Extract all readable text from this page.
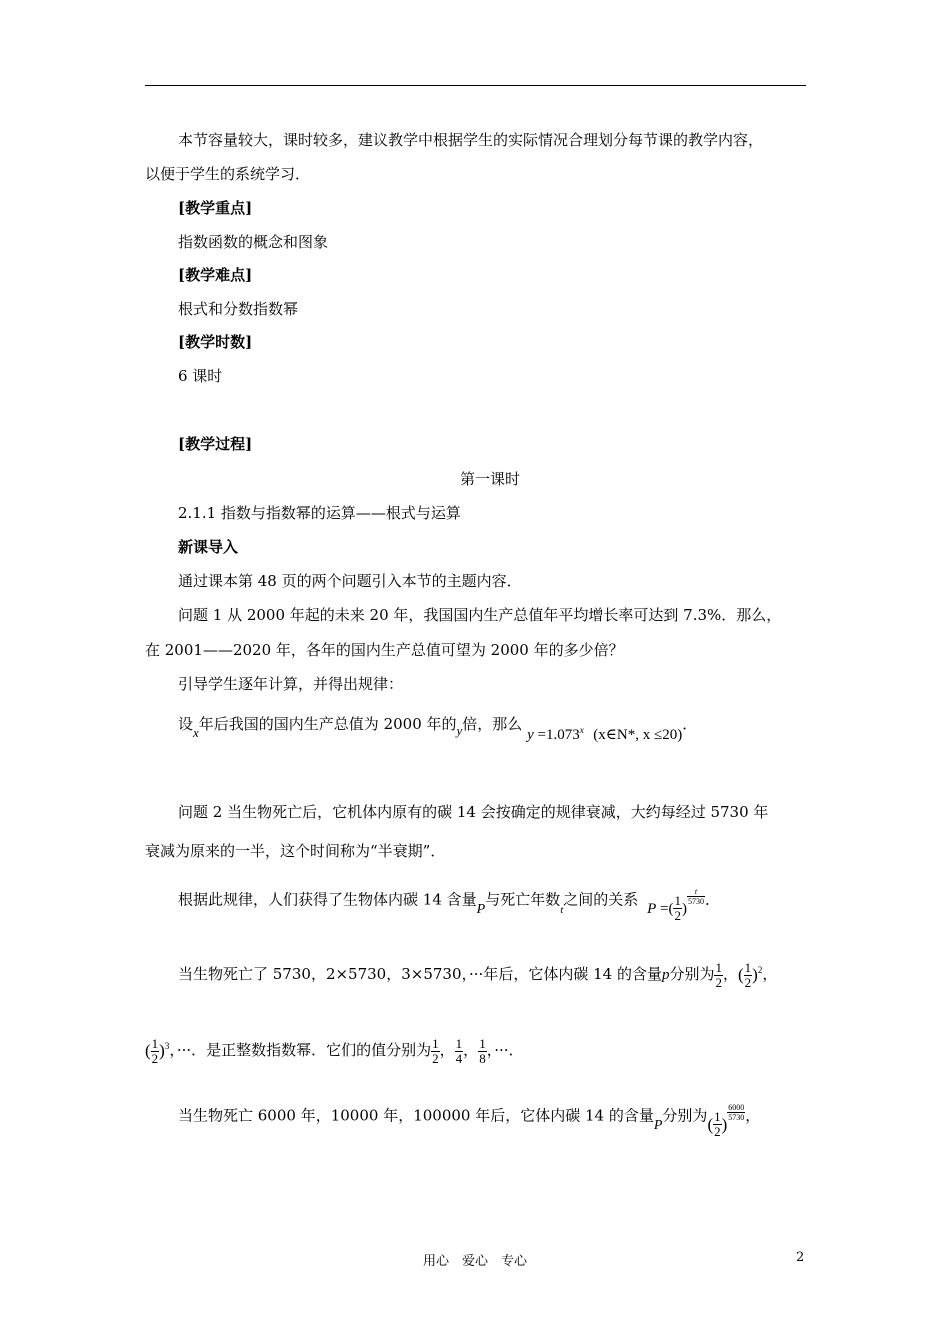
本节容量较大，课时较多，建议教学中根据学生的实际情况合理划分每节课的教学内容，
以便于学生的系统学习．
[教学重点]
指数函数的概念和图象
[教学难点]
根式和分数指数幂
[教学时数]
6 课时
[教学过程]
第一课时
2.1.1 指数与指数幂的运算——根式与运算
新课导入
通过课本第 48 页的两个问题引入本节的主题内容．
问题 1 从 2000 年起的未来 20 年，我国国内生产总值年平均增长率可达到 7.3%．那么，
在 2001——2020 年，各年的国内生产总值可望为 2000 年的多少倍？
引导学生逐年计算，并得出规律：
设x年后我国的国内生产总值为 2000 年的y倍，那么 $y =1.073^x$ (x∈N*, x ≤20)．
问题 2 当生物死亡后，它机体内原有的碳 14 会按确定的规律衰减，大约每经过 5730 年
衰减为原来的一半，这个时间称为“半衰期”．
根据此规律，人们获得了生物体内碳 14 含量P与死亡年数$_t$之间的关系 P =( $\frac{1}{2}$ )
$\frac{t}{5730}$ ．
当生物死亡了 5730，2×5730，3×5730，···年后，它体内碳 14 的含量p分别为 $\frac{1}{2}$ ，( $\frac{1}{2} )^2$，
( $\frac{1}{2} )^3$，···．是正整数指数幂．它们的值分别为 $\frac{1}{2}$ ， $\frac{1}{4}$ ， $\frac{1}{8}$ ，···．
当生物死亡 6000 年，10000 年，100000 年后，它体内碳 14 的含量P分别为( $\frac{1}{2}$ )
$\frac{6000}{5730}$ ，
用心　爱心　专心	2
